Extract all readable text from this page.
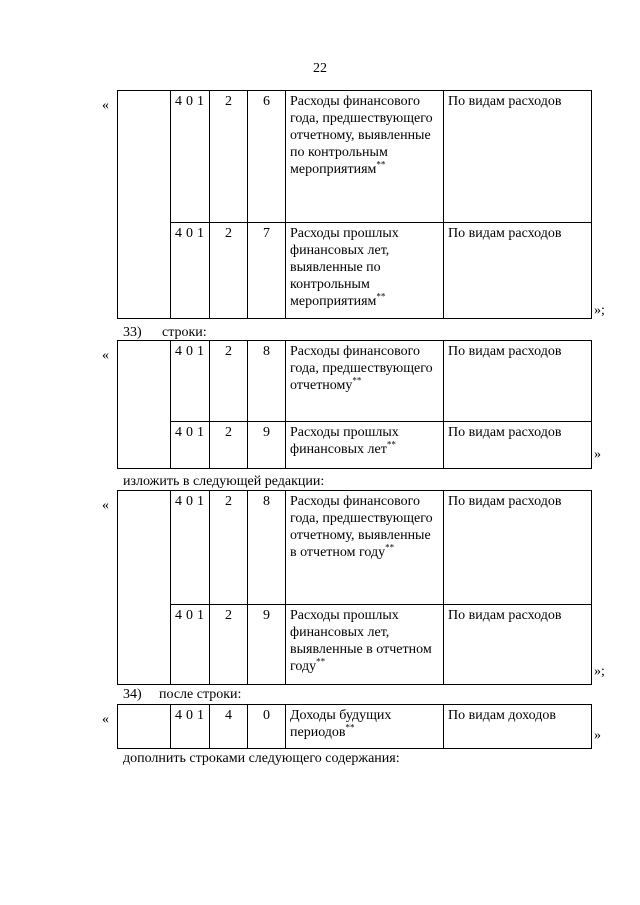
22
«
		401	2	6	Расходы финансового года, предшествующего отчетному, выявленные по контрольным мероприятиям**	По видам расходов
	401	2	7	Расходы прошлых финансовых лет, выявленные по контрольным мероприятиям**	По видам расходов
»;
33) строки:
«
		401	2	8	Расходы финансового года, предшествующего отчетному**	По видам расходов
	401	2	9	Расходы прошлых финансовых лет**	По видам расходов
»
изложить в следующей редакции:
«
		401	2	8	Расходы финансового года, предшествующего отчетному, выявленные в отчетном году**	По видам расходов
	401	2	9	Расходы прошлых финансовых лет, выявленные в отчетном году**	По видам расходов
»;
34) после строки:
«
		401	4	0	Доходы будущих периодов**	По видам доходов
»
дополнить строками следующего содержания:
